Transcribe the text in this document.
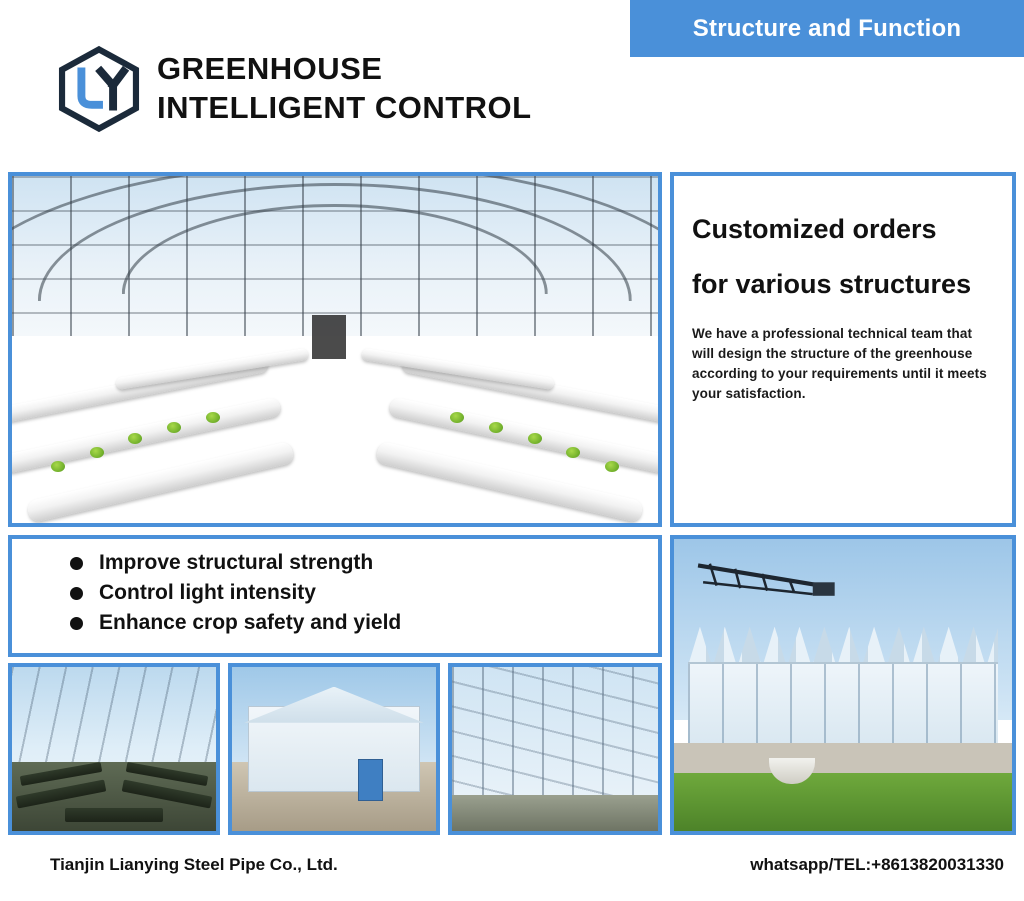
Structure and Function
GREENHOUSE
INTELLIGENT CONTROL
Customized orders
for various structures

We have a professional technical team that will design the structure of the greenhouse according to your requirements until it meets your satisfaction.

Improve structural strength
Control light intensity
Enhance crop safety and yield
Tianjin Lianying Steel Pipe Co., Ltd.	whatsapp/TEL:+8613820031330
